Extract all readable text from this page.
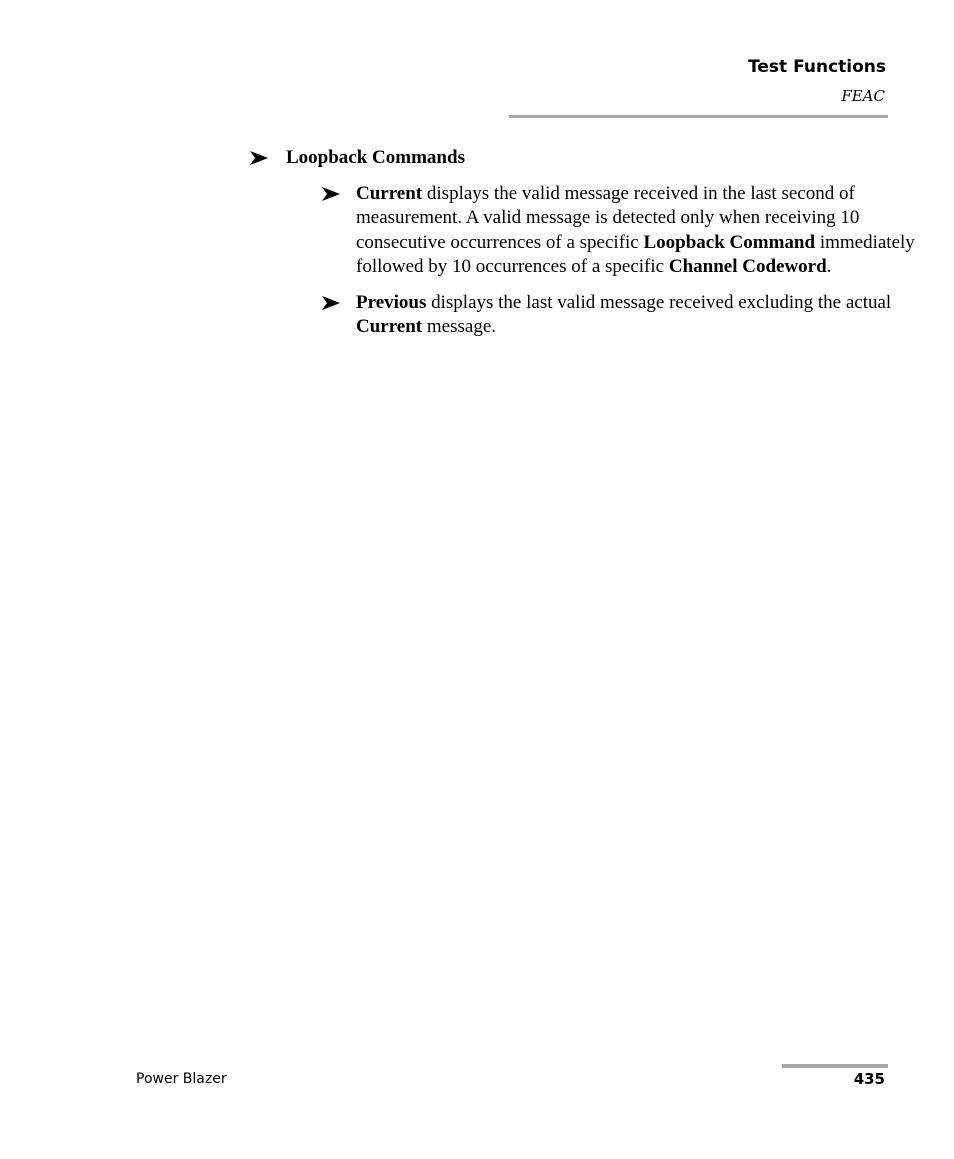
Test Functions
FEAC
Loopback Commands
Current displays the valid message received in the last second of measurement. A valid message is detected only when receiving 10 consecutive occurrences of a specific Loopback Command immediately followed by 10 occurrences of a specific Channel Codeword.
Previous displays the last valid message received excluding the actual Current message.
Power Blazer	435
